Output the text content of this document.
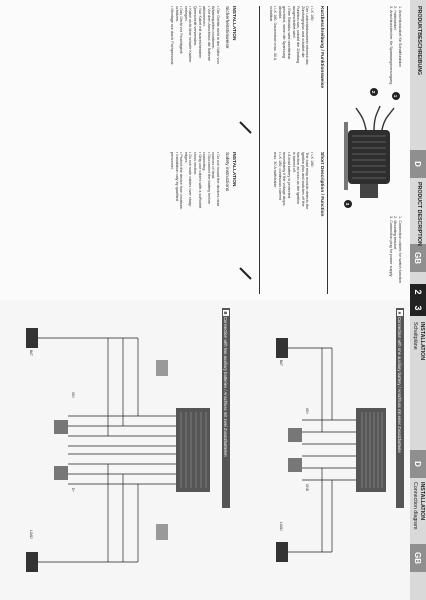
D
GB
2
PRODUKTBESCHREIBUNG
PRODUCT DESCRIPTION
1
2
3
1. Anschlusskabel für Schaltfunktion
2. Haltewinkel
3. Anschlussstecker für Spannungsversorgung
1. Connection cables for switch function
2. Mounting bracket
3. Connection plug for power supply
Kurzbeschreibung / Funktionsweise
Short Description / Function
• LK 180:
Der Lastrelaisbaustein erkennt das
Zündungsplus und schaltet die
Funktion aus, sobald die Zündung
ausgeschaltet wird.
• Eine Bleiakku wird unmittelbar
geschützt, wenn die Spannung
absinkt.
• LK 180: Dauerstrom max. 30 A
schaltbar
• LK 180:
The load relay module detects the
ignition plus and switches off the
function as soon as the ignition
is turned off.
• A lead battery is protected
immediately if the voltage drops.
• LK 180: continuous current
max. 30 A switchable
INSTALLATION
INSTALLATION
Sicherheitshinweise
Safety instructions
• Die Geräte nicht in der Nähe von
Wärmequellen montieren.
• Vor dem Anschluss die Batterie
abklemmen.
• Nur Kabel mit ausreichendem
Querschnitt verwenden.
• Kabel nicht über scharfe Kanten
verlegen.
• Das Gerät vor Feuchtigkeit
schützen.
• Montage nur durch Fachpersonal.
• Do not mount the devices near
sources of heat.
• Disconnect the battery before
connecting.
• Only use cables with a sufficient
cross section.
• Do not route cables over sharp
edges.
• Protect the device from moisture.
• Installation only by qualified
personnel.
3
D
GB
INSTALLATION
Schaltpläne
INSTALLATION
Connection diagram
A
Connection with one auxiliary battery / Anschluss mit einer Zusatzbatterie
BAT
LOAD
IGN
GND
B
Connection with two auxiliary batteries / Anschluss mit zwei Zusatzbatterien
BAT
LOAD
IGN
D+
